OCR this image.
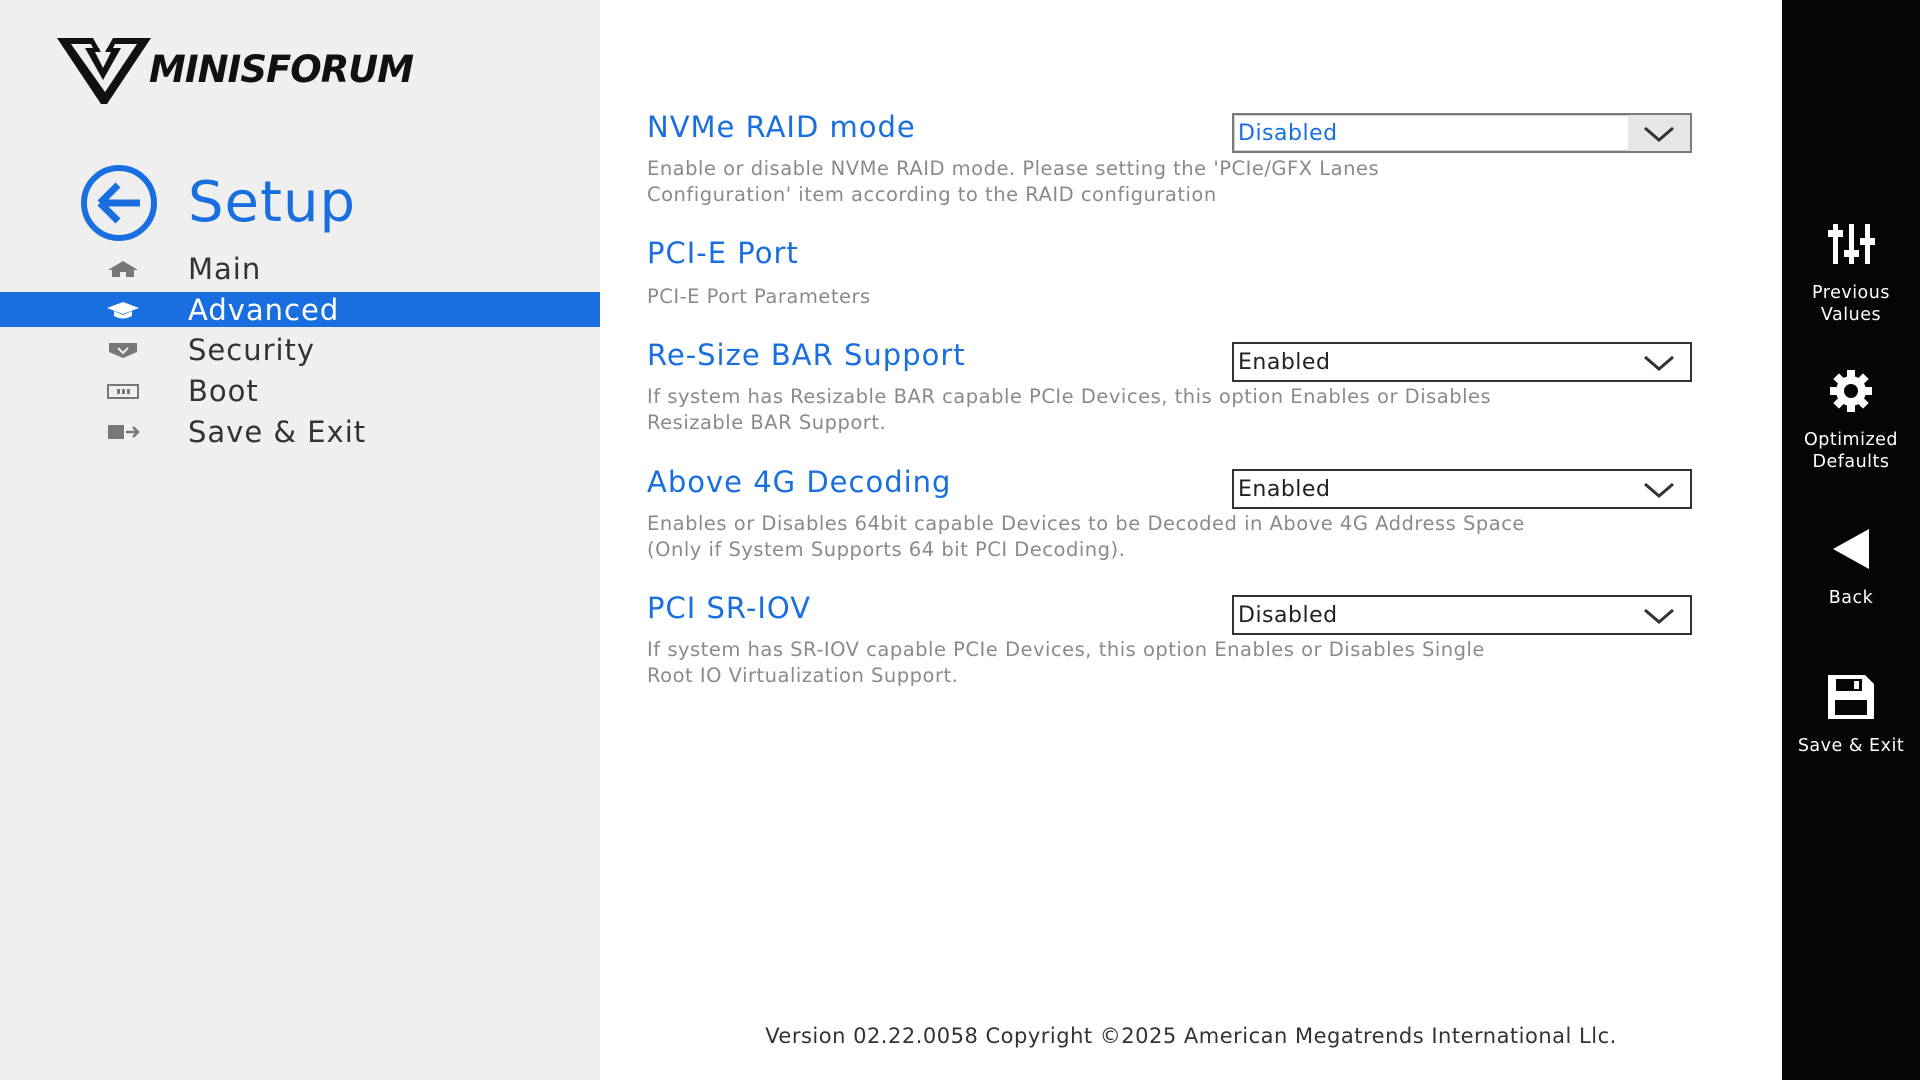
MINISFORUM
Setup
Main
Advanced
Security
Boot
Save & Exit
NVMe RAID mode
Enable or disable NVMe RAID mode. Please setting the 'PCIe/GFX Lanes
Configuration' item according to the RAID configuration
Disabled
PCI-E Port
PCI-E Port Parameters
Re-Size BAR Support
If system has Resizable BAR capable PCIe Devices, this option Enables or Disables
Resizable BAR Support.
Enabled
Above 4G Decoding
Enables or Disables 64bit capable Devices to be Decoded in Above 4G Address Space
(Only if System Supports 64 bit PCI Decoding).
Enabled
PCI SR-IOV
If system has SR-IOV capable PCIe Devices, this option Enables or Disables Single
Root IO Virtualization Support.
Disabled
Version 02.22.0058 Copyright ©2025 American Megatrends International Llc.
Previous
Values
Optimized
Defaults
Back
Save & Exit
